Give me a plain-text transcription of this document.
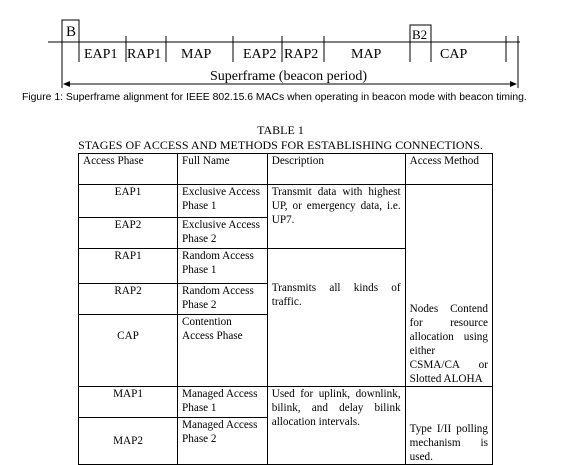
B	B2
EAP1 RAP1 MAP EAP2 RAP2 MAP	CAP
Superframe (beacon period)
Figure 1: Superframe alignment for IEEE 802.15.6 MACs when operating in beacon mode with beacon timing.
TABLE 1
STAGES OF ACCESS AND METHODS FOR ESTABLISHING CONNECTIONS.
Access Phase	Full Name	Description	Access Method
EAP1	Exclusive Access Phase 1	Transmit data with highest UP, or emergency data, i.e. UP7.	Nodes Contend for resource allocation using either CSMA/CA or Slotted ALOHA
EAP2	Exclusive Access Phase 2		
RAP1	Random Access Phase 1	Transmits all kinds of traffic.	
RAP2	Random Access Phase 2		
CAP	Contention Access Phase		
MAP1	Managed Access Phase 1	Used for uplink, downlink, bilink, and delay bilink allocation intervals.	Type I/II polling mechanism is used.
MAP2	Managed Access Phase 2		
